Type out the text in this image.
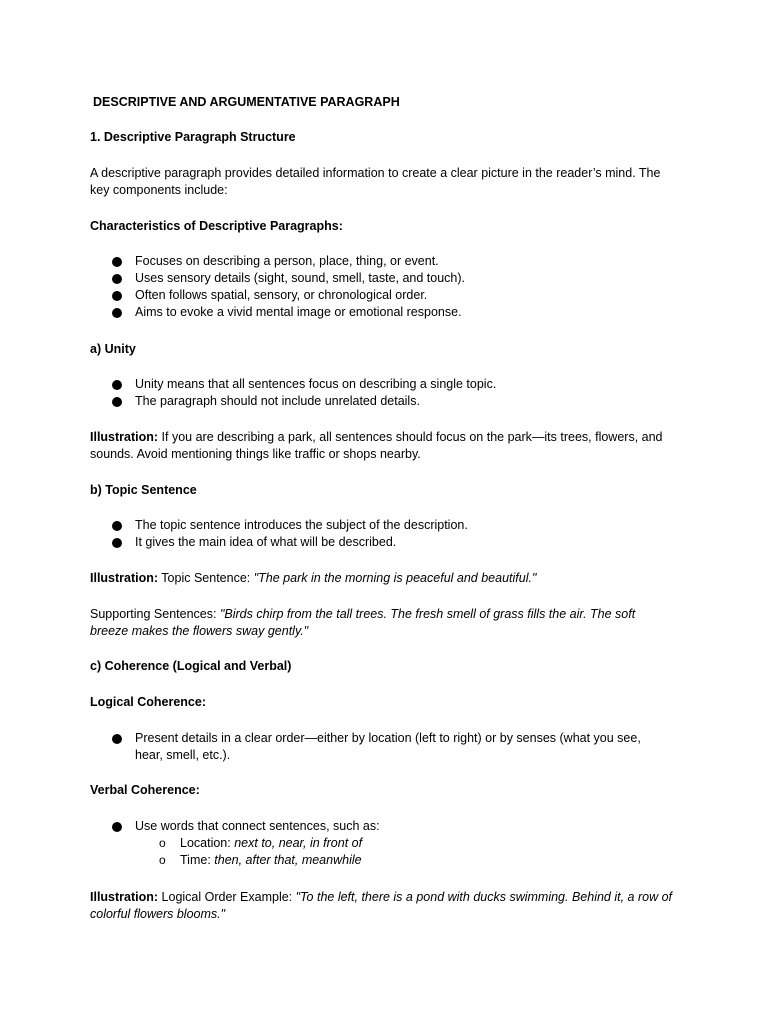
DESCRIPTIVE AND ARGUMENTATIVE PARAGRAPH
1. Descriptive Paragraph Structure
A descriptive paragraph provides detailed information to create a clear picture in the reader’s mind. The
key components include:
Characteristics of Descriptive Paragraphs:
Focuses on describing a person, place, thing, or event.
Uses sensory details (sight, sound, smell, taste, and touch).
Often follows spatial, sensory, or chronological order.
Aims to evoke a vivid mental image or emotional response.
a) Unity
Unity means that all sentences focus on describing a single topic.
The paragraph should not include unrelated details.
Illustration: If you are describing a park, all sentences should focus on the park—its trees, flowers, and
sounds. Avoid mentioning things like traffic or shops nearby.
b) Topic Sentence
The topic sentence introduces the subject of the description.
It gives the main idea of what will be described.
Illustration: Topic Sentence: "The park in the morning is peaceful and beautiful."
Supporting Sentences: "Birds chirp from the tall trees. The fresh smell of grass fills the air. The soft
breeze makes the flowers sway gently."
c) Coherence (Logical and Verbal)
Logical Coherence:
Present details in a clear order—either by location (left to right) or by senses (what you see,
hear, smell, etc.).
Verbal Coherence:
Use words that connect sentences, such as:
o Location: next to, near, in front of
o Time: then, after that, meanwhile
Illustration: Logical Order Example: "To the left, there is a pond with ducks swimming. Behind it, a row of
colorful flowers blooms."
